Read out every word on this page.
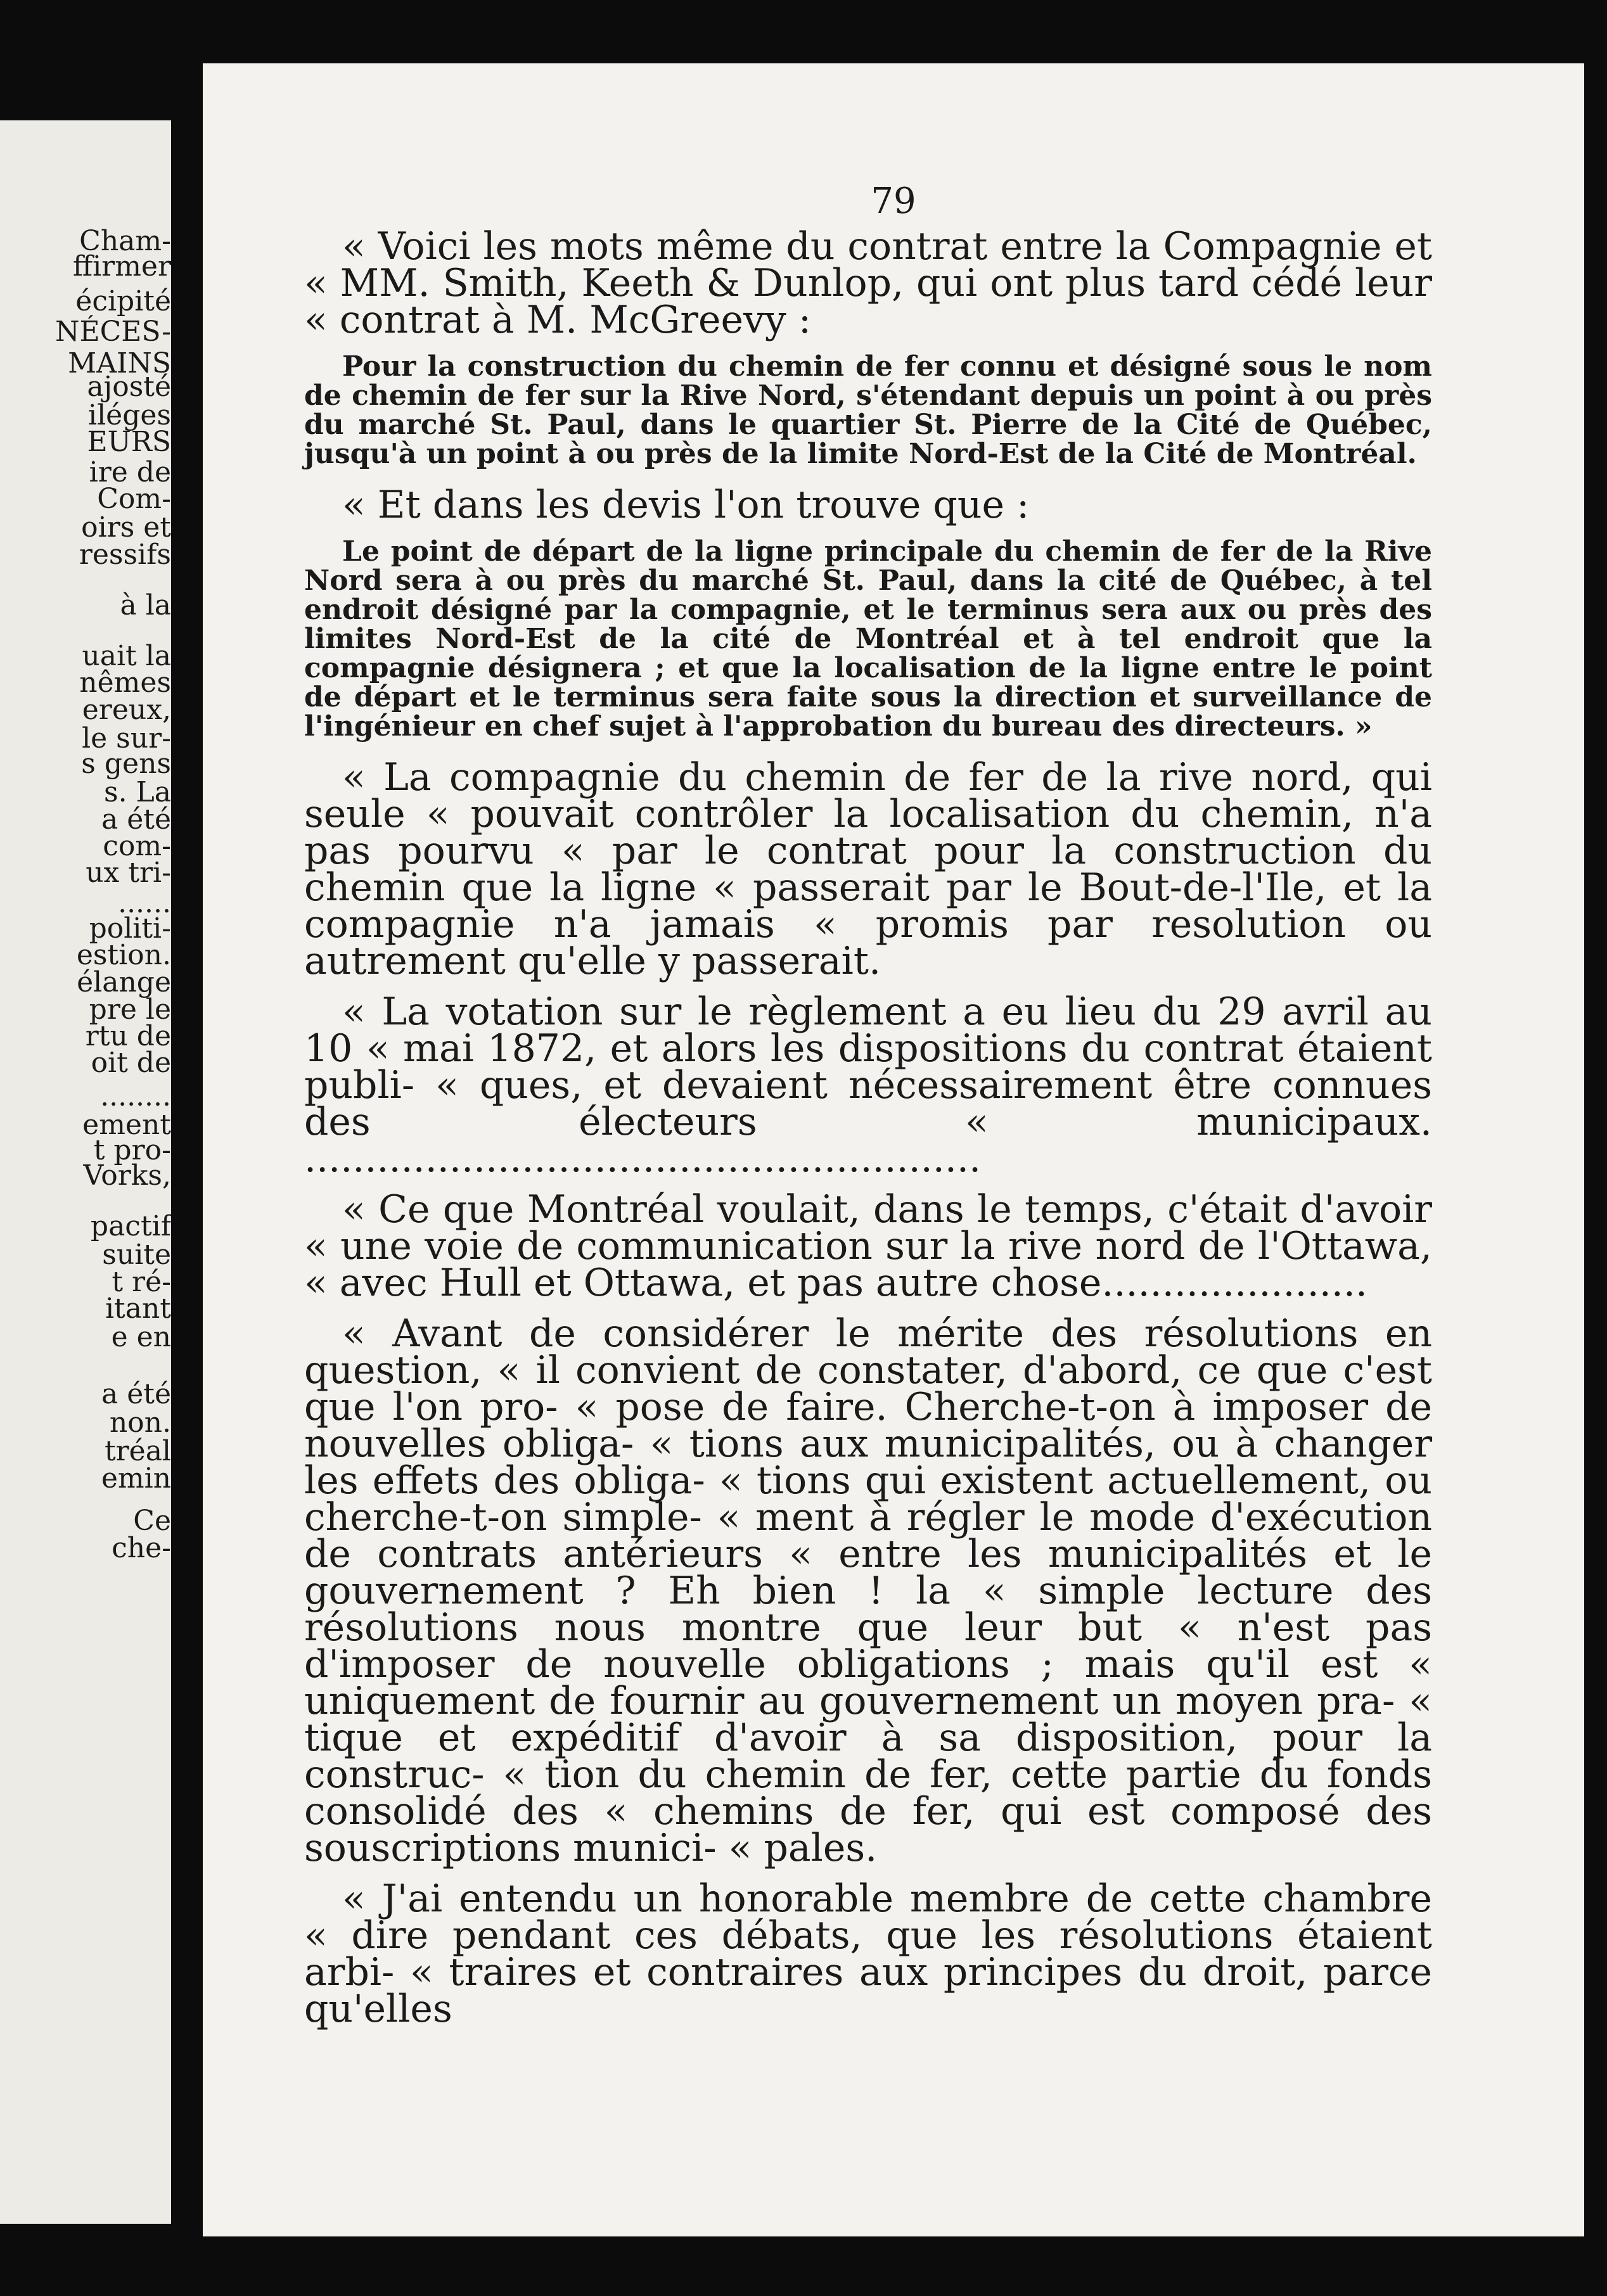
Cham-
ffirmer
écipité
NÉCES-
MAINS
ajosté
iléges
EURS
ire de
Com-
oirs et
ressifs
à la
uait la
nêmes
ereux,
le sur-
s gens
s. La
a été
com-
ux tri-
......
politi-
estion.
élange
pre le
rtu de
oit de
........
ement
t pro-
Vorks,
pactif
suite
t ré-
itant
e en
a été
non.
tréal
emin
Ce
che-
79

« Voici les mots même du contrat entre la Compagnie et « MM. Smith, Keeth & Dunlop, qui ont plus tard cédé leur « contrat à M. McGreevy :

Pour la construction du chemin de fer connu et désigné sous le nom de chemin de fer sur la Rive Nord, s'étendant depuis un point à ou près du marché St. Paul, dans le quartier St. Pierre de la Cité de Québec, jusqu'à un point à ou près de la limite Nord-Est de la Cité de Montréal.

« Et dans les devis l'on trouve que :

Le point de départ de la ligne principale du chemin de fer de la Rive Nord sera à ou près du marché St. Paul, dans la cité de Québec, à tel endroit désigné par la compagnie, et le terminus sera aux ou près des limites Nord-Est de la cité de Montréal et à tel endroit que la compagnie désignera ; et que la localisation de la ligne entre le point de départ et le terminus sera faite sous la direction et surveillance de l'ingénieur en chef sujet à l'approbation du bureau des directeurs. »

« La compagnie du chemin de fer de la rive nord, qui seule « pouvait contrôler la localisation du chemin, n'a pas pourvu « par le contrat pour la construction du chemin que la ligne « passerait par le Bout-de-l'Ile, et la compagnie n'a jamais « promis par resolution ou autrement qu'elle y passerait.

« La votation sur le règlement a eu lieu du 29 avril au 10 « mai 1872, et alors les dispositions du contrat étaient publi- « ques, et devaient nécessairement être connues des électeurs « municipaux. ........................................................

« Ce que Montréal voulait, dans le temps, c'était d'avoir « une voie de communication sur la rive nord de l'Ottawa, « avec Hull et Ottawa, et pas autre chose......................

« Avant de considérer le mérite des résolutions en question, « il convient de constater, d'abord, ce que c'est que l'on pro- « pose de faire. Cherche-t-on à imposer de nouvelles obliga- « tions aux municipalités, ou à changer les effets des obliga- « tions qui existent actuellement, ou cherche-t-on simple- « ment à régler le mode d'exécution de contrats antérieurs « entre les municipalités et le gouvernement ? Eh bien ! la « simple lecture des résolutions nous montre que leur but « n'est pas d'imposer de nouvelle obligations ; mais qu'il est « uniquement de fournir au gouvernement un moyen pra- « tique et expéditif d'avoir à sa disposition, pour la construc- « tion du chemin de fer, cette partie du fonds consolidé des « chemins de fer, qui est composé des souscriptions munici- « pales.

« J'ai entendu un honorable membre de cette chambre « dire pendant ces débats, que les résolutions étaient arbi- « traires et contraires aux principes du droit, parce qu'elles
